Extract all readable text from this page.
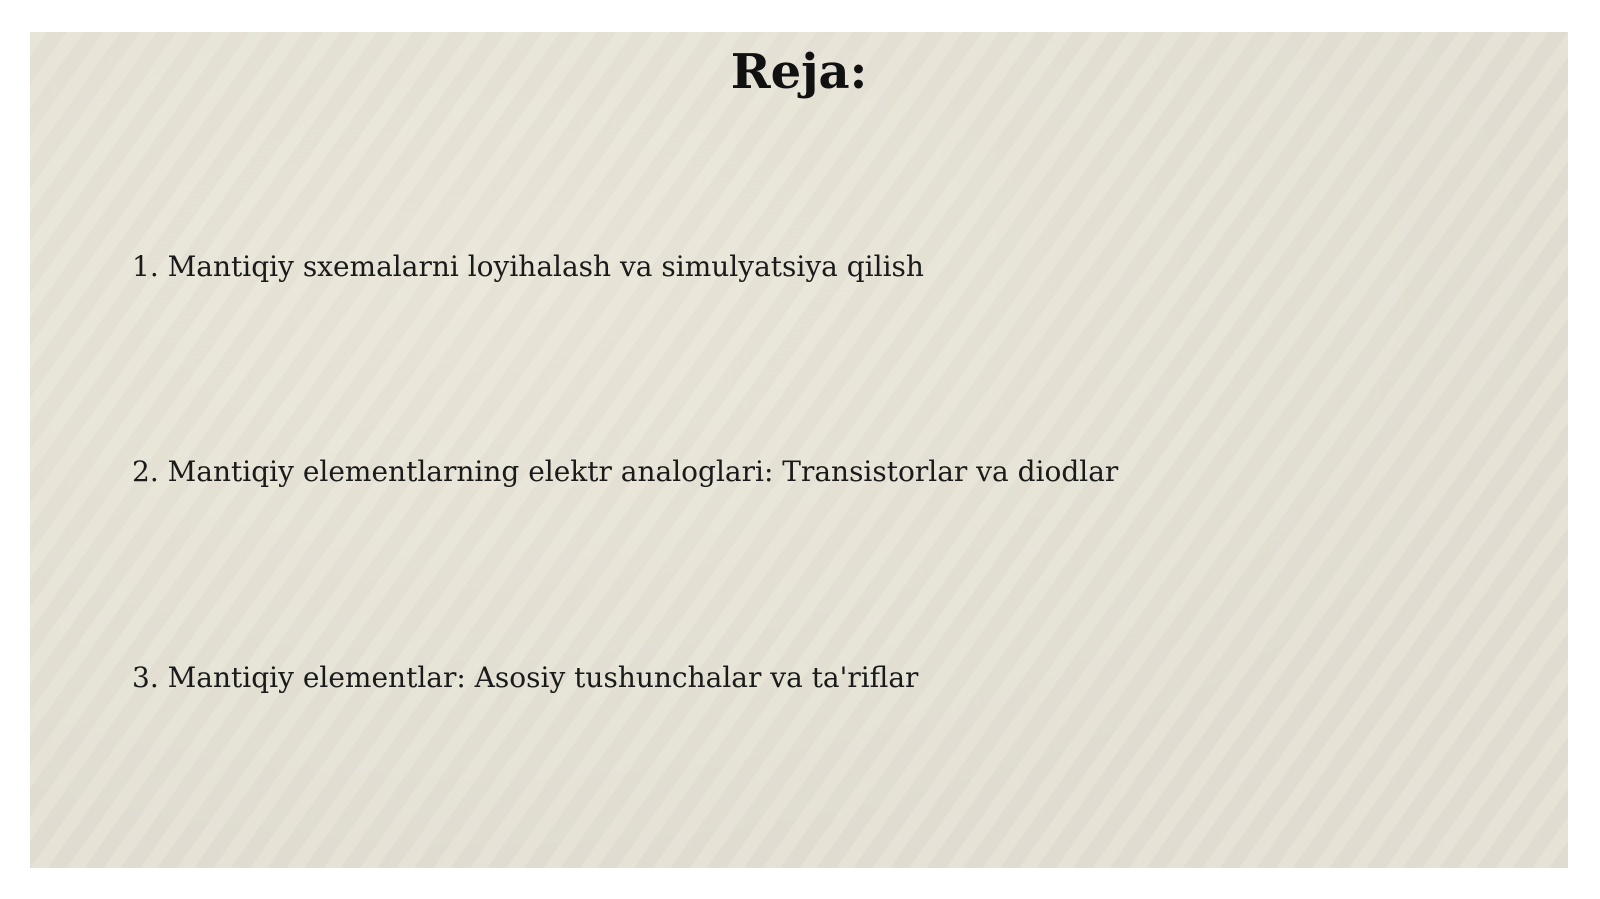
Reja:
1. Mantiqiy sxemalarni loyihalash va simulyatsiya qilish
2. Mantiqiy elementlarning elektr analoglari: Transistorlar va diodlar
3. Mantiqiy elementlar: Asosiy tushunchalar va ta'riflar
